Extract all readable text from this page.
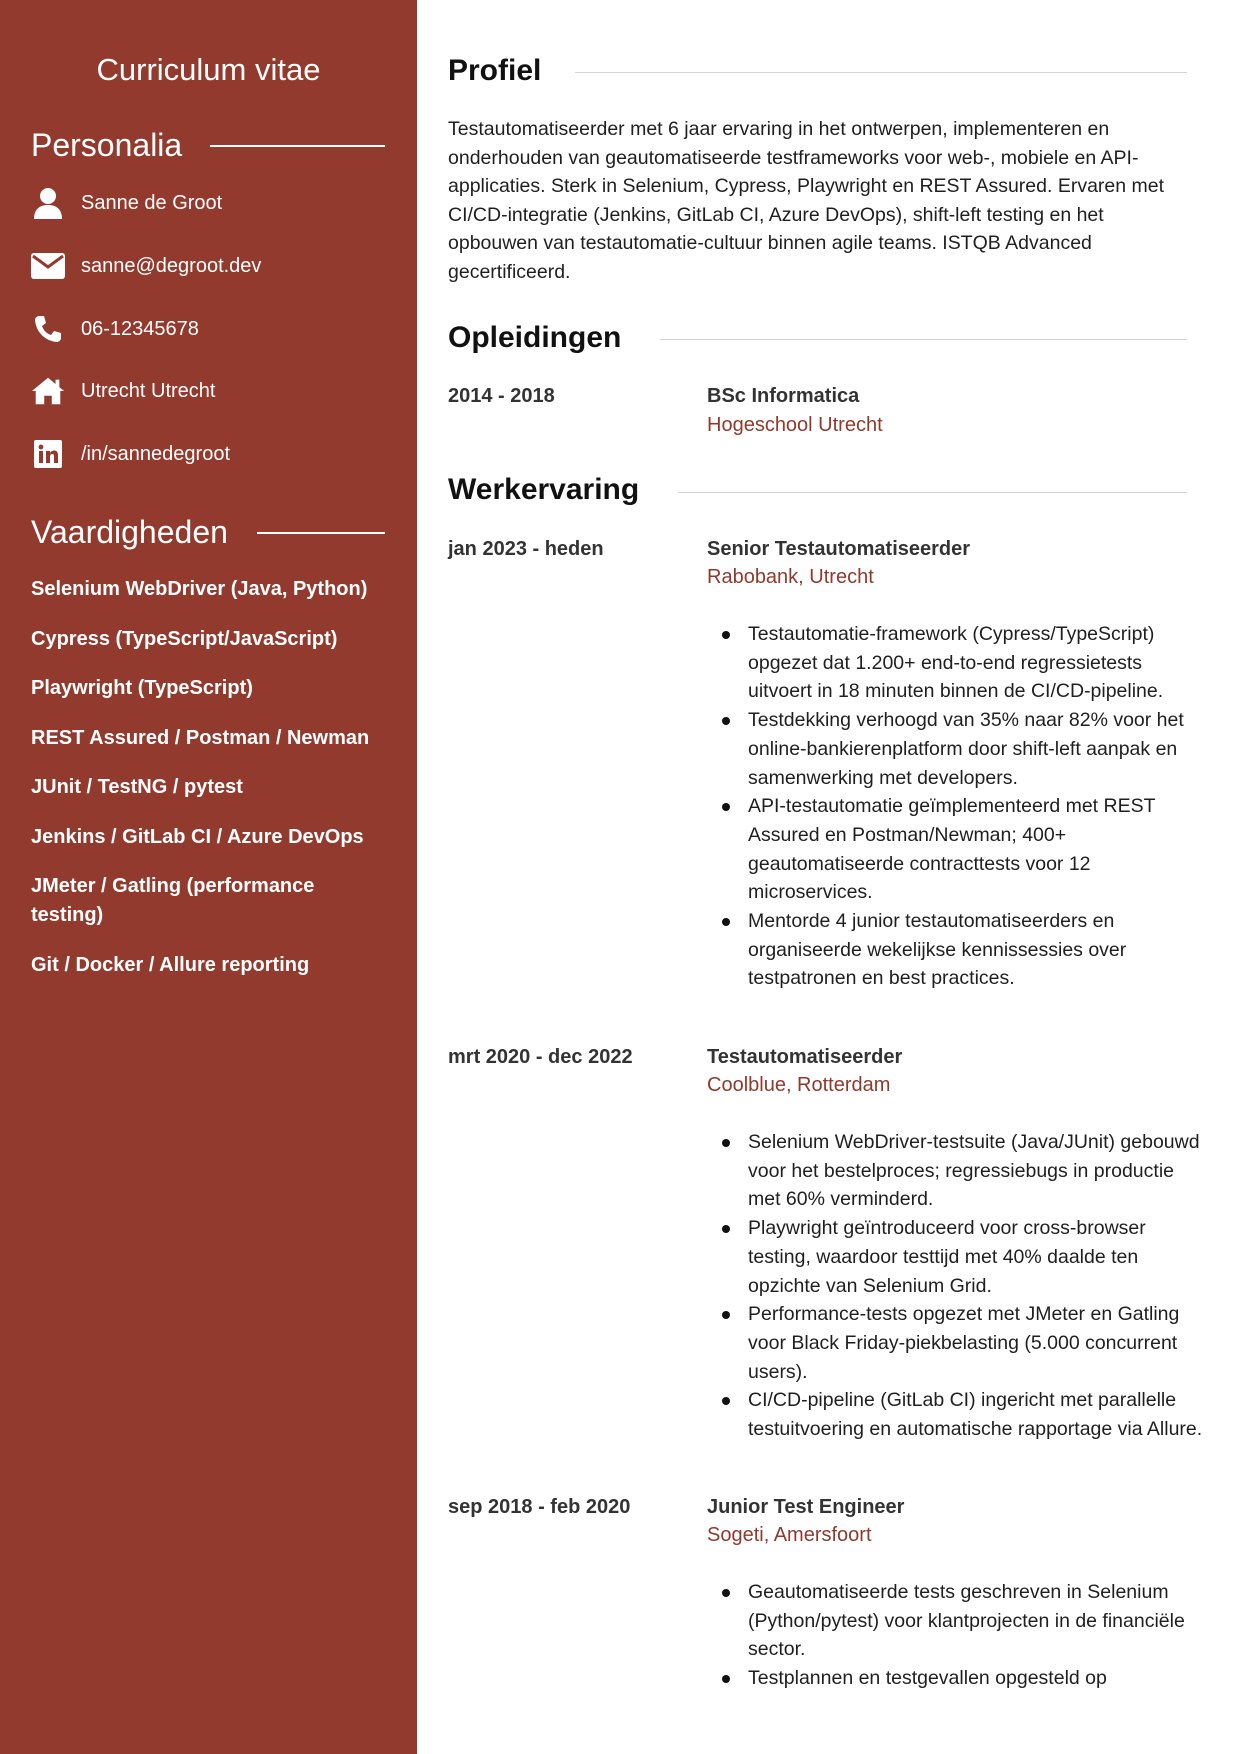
Curriculum vitae
Personalia
Sanne de Groot
sanne@degroot.dev
06-12345678
Utrecht Utrecht
/in/sannedegroot
Vaardigheden
Selenium WebDriver (Java, Python)
Cypress (TypeScript/JavaScript)
Playwright (TypeScript)
REST Assured / Postman / Newman
JUnit / TestNG / pytest
Jenkins / GitLab CI / Azure DevOps
JMeter / Gatling (performance testing)
Git / Docker / Allure reporting
Profiel

Testautomatiseerder met 6 jaar ervaring in het ontwerpen, implementeren en onderhouden van geautomatiseerde testframeworks voor web-, mobiele en API-applicaties. Sterk in Selenium, Cypress, Playwright en REST Assured. Ervaren met CI/CD-integratie (Jenkins, GitLab CI, Azure DevOps), shift-left testing en het opbouwen van testautomatie-cultuur binnen agile teams. ISTQB Advanced gecertificeerd.

Opleidingen
2014 - 2018	BSc Informatica
Hogeschool Utrecht
Werkervaring
jan 2023 - heden	Senior Testautomatiseerder
Rabobank, Utrecht
Testautomatie-framework (Cypress/TypeScript) opgezet dat 1.200+ end-to-end regressietests uitvoert in 18 minuten binnen de CI/CD-pipeline.
Testdekking verhoogd van 35% naar 82% voor het online-bankierenplatform door shift-left aanpak en samenwerking met developers.
API-testautomatie geïmplementeerd met REST Assured en Postman/Newman; 400+ geautomatiseerde contracttests voor 12 microservices.
Mentorde 4 junior testautomatiseerders en organiseerde wekelijkse kennissessies over testpatronen en best practices.
mrt 2020 - dec 2022	Testautomatiseerder
Coolblue, Rotterdam
Selenium WebDriver-testsuite (Java/JUnit) gebouwd voor het bestelproces; regressiebugs in productie met 60% verminderd.
Playwright geïntroduceerd voor cross-browser testing, waardoor testtijd met 40% daalde ten opzichte van Selenium Grid.
Performance-tests opgezet met JMeter en Gatling voor Black Friday-piekbelasting (5.000 concurrent users).
CI/CD-pipeline (GitLab CI) ingericht met parallelle testuitvoering en automatische rapportage via Allure.
sep 2018 - feb 2020	Junior Test Engineer
Sogeti, Amersfoort
Geautomatiseerde tests geschreven in Selenium (Python/pytest) voor klantprojecten in de financiële sector.
Testplannen en testgevallen opgesteld op
